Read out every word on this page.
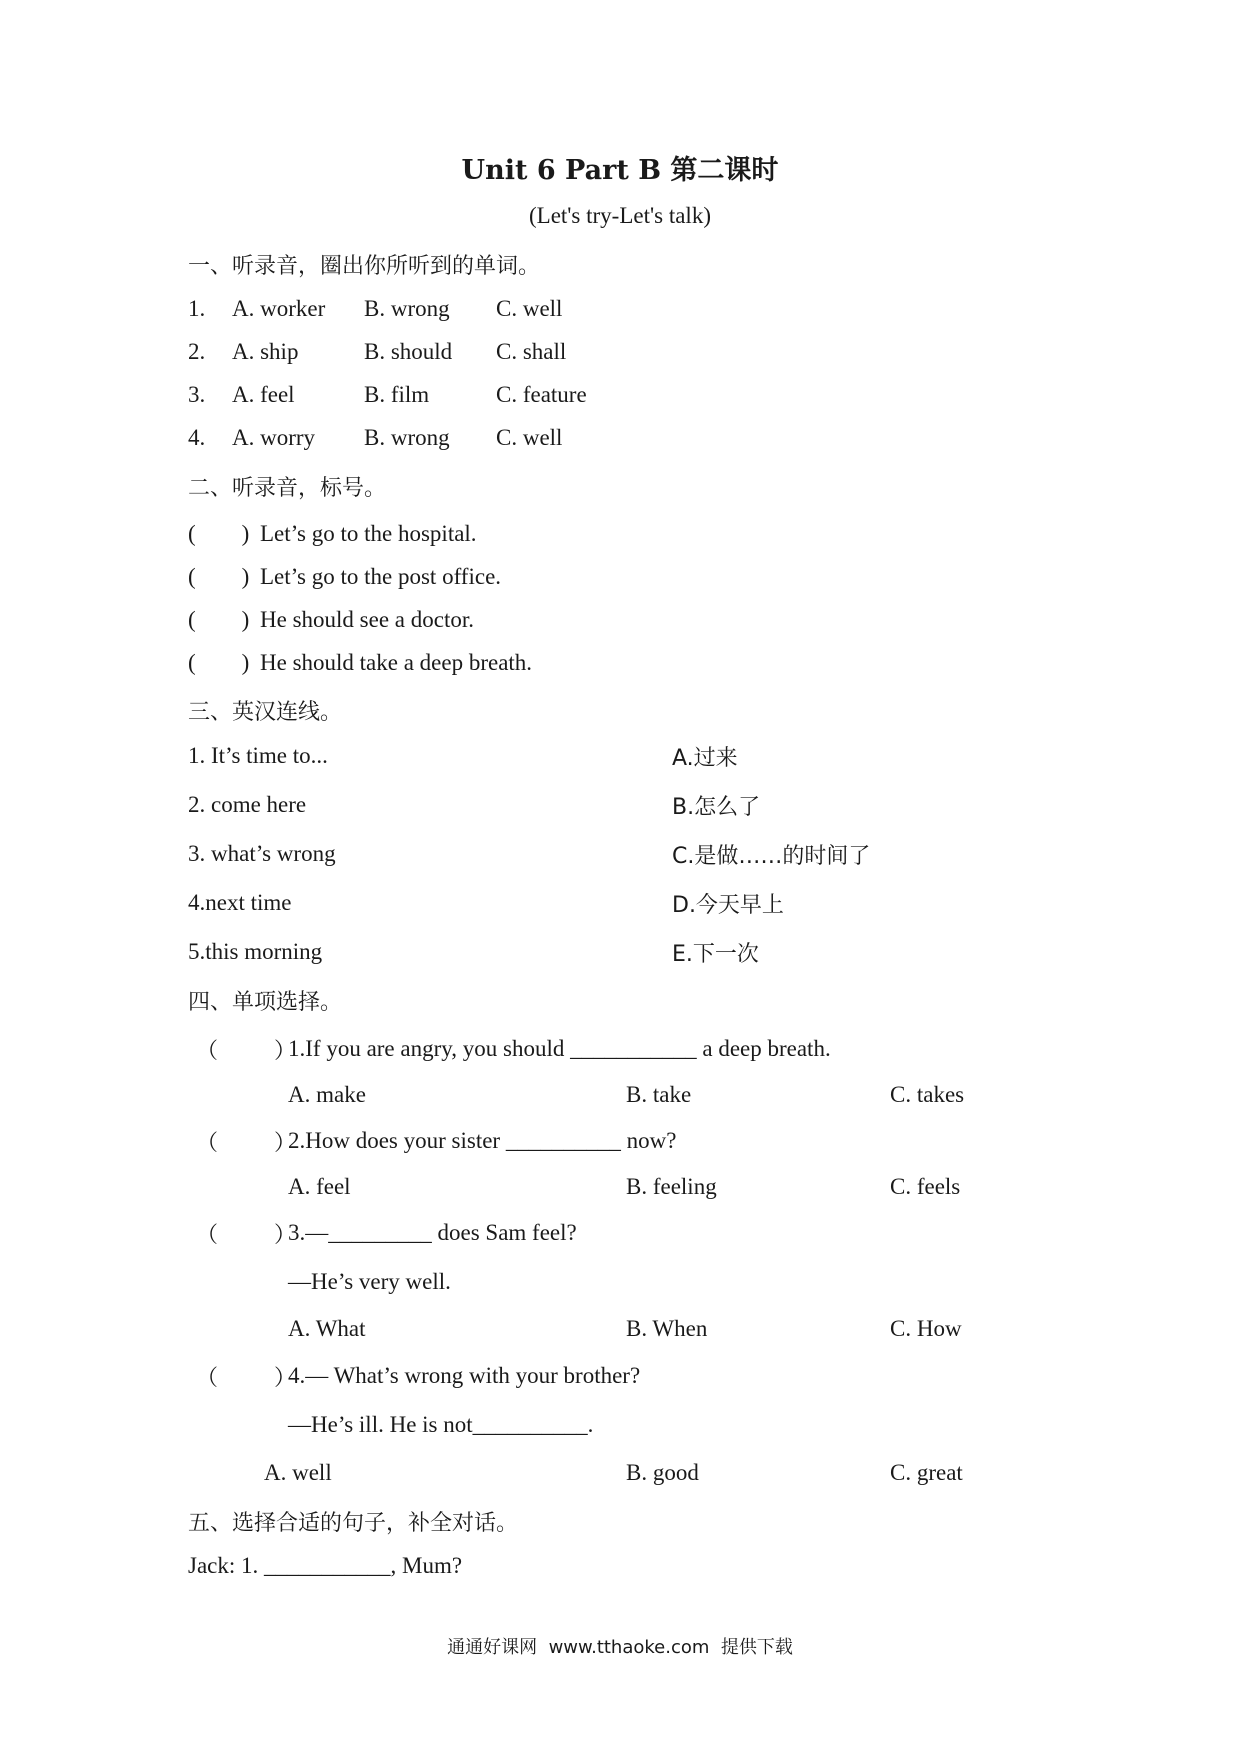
Unit 6 Part B 第二课时
(Let's try-Let's talk)
一、听录音，圈出你所听到的单词。
1. A. worker B. wrong C. well
2. A. ship	B. should C. shall
3. A. feel	B. film	C. feature
4. A. worry B. wrong C. well
二、听录音，标号。
(        ) Let’s go to the hospital.
(        ) Let’s go to the post office.
(        ) He should see a doctor.
(        ) He should take a deep breath.
三、英汉连线。
1. It’s time to...	A.过来
2. come here	B.怎么了
3. what’s wrong	C.是做……的时间了
4.next time	D.今天早上
5.this morning	E.下一次
四、单项选择。
（        ）
1.If you are angry, you should ___________ a deep breath.
A. make	B. take	C. takes
（        ）
2.How does your sister __________ now?
A. feel	B. feeling	C. feels
（        ）
3.—_________ does Sam feel?
—He’s very well.
A. What	B. When	C. How
（        ）
4.— What’s wrong with your brother?
—He’s ill. He is not__________.
A. well	B. good	C. great
五、选择合适的句子，补全对话。
Jack: 1. ___________, Mum?
通通好课网  www.tthaoke.com  提供下载
